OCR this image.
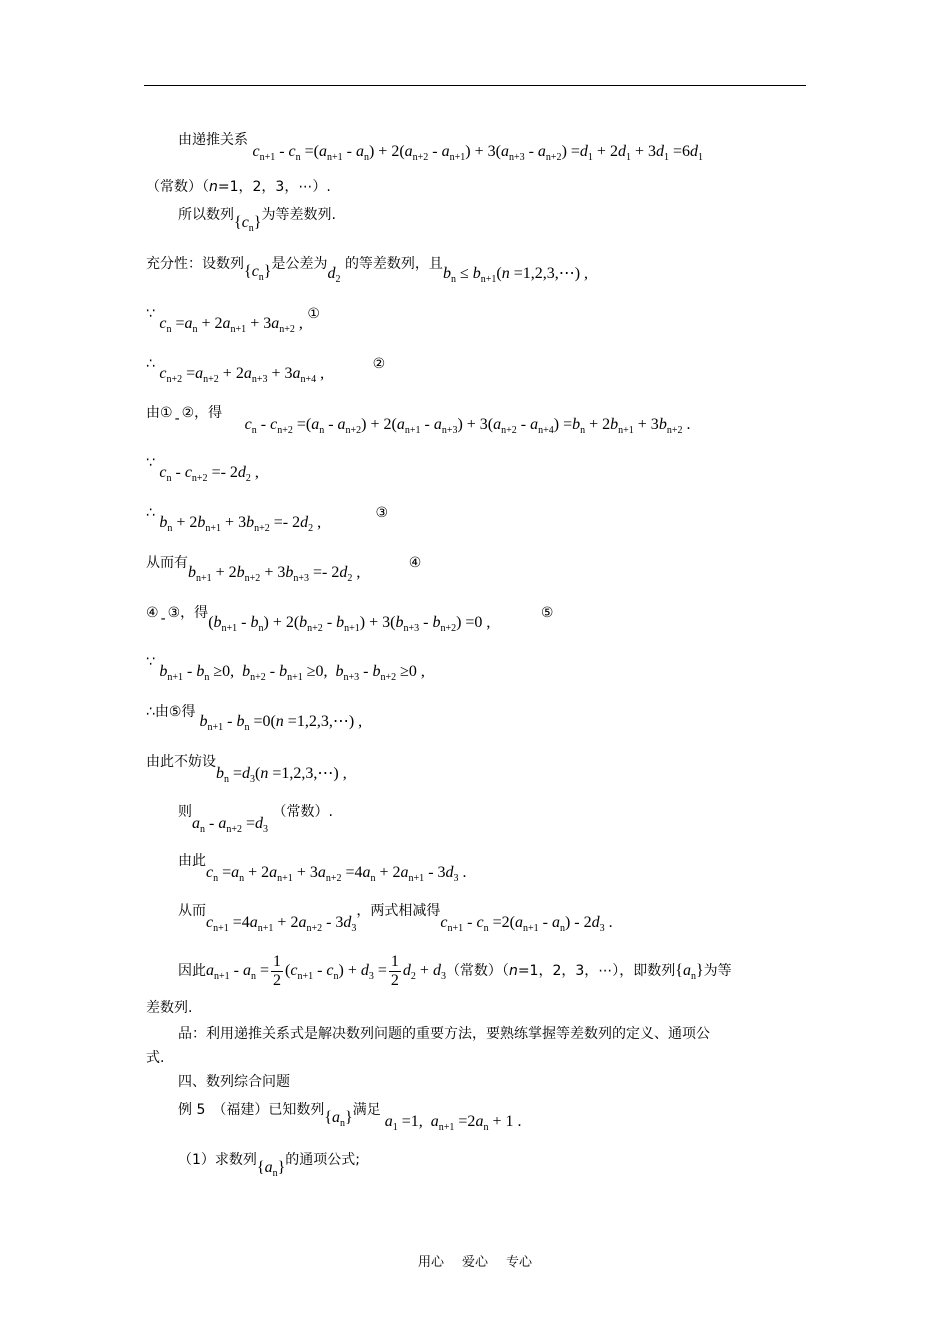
由递推关系 $c_{n+1} - c_n =(a_{n+1} - a_n) + 2(a_{n+2} - a_{n+1}) + 3(a_{n+3} - a_{n+2}) =d_1 + 2d_1 + 3d_1 =6d_1$
（常数）（n=1，2，3，⋯）.
所以数列$\{c_n\}$为等差数列.
充分性：设数列$\{c_n\}$是公差为$d_2$ 的等差数列，且$b_n \le b_{n+1}(n$ =1,2,3,⋯) ,
∵ $c_n =a_n + 2a_{n+1} + 3a_{n+2}$ , ①
∴ $c_{n+2} =a_{n+2} + 2a_{n+3} + 3a_{n+4}$ , ②
由① - ②，得 $c_n - c_{n+2} =(a_n - a_{n+2}) + 2(a_{n+1} - a_{n+3}) + 3(a_{n+2} - a_{n+4}) =b_n + 2b_{n+1} + 3b_{n+2}$ .
∵ $c_n - c_{n+2} =- 2d_2$ ,
∴ $b_n + 2b_{n+1} + 3b_{n+2} =- 2d_2$ , ③
从而有$b_{n+1} + 2b_{n+2} + 3b_{n+3} =- 2d_2$ , ④
④ - ③，得$(b_{n+1} - b_n) + 2(b_{n+2} - b_{n+1}) + 3(b_{n+3} - b_{n+2}) =0$ , ⑤
∵ $b_{n+1} - b_n \ge 0$,  $b_{n+2} - b_{n+1} \ge 0$,  $b_{n+3} - b_{n+2} \ge 0$ ,
∴由⑤得$b_{n+1} - b_n =0(n$ =1,2,3,⋯) ,
由此不妨设$b_n =d_3(n$ =1,2,3,⋯) ,
则$a_n - a_{n+2} =d_3$ （常数）.
由此$c_n =a_n + 2a_{n+1} + 3a_{n+2} =4a_n + 2a_{n+1} - 3d_3$ .
从而$c_{n+1} =4a_{n+1} + 2a_{n+2} - 3d_3$，两式相减得$c_{n+1} - c_n =2(a_{n+1} - a_n) - 2d_3$ .
因此$a_{n+1} - a_n = \frac{1}{2} (c_{n+1} - c_n) + d_3 = \frac{1}{2} d_2 + d_3$（常数）（n=1，2，3，⋯），即数列$\{a_n\}$为等
差数列.
品：利用递推关系式是解决数列问题的重要方法，要熟练掌握等差数列的定义、通项公
式.
四、数列综合问题
例 5　（福建）已知数列$\{a_n\}$满足$a_1 =1$,  $a_{n+1} =2a_n + 1$ .
（1）求数列$\{a_n\}$的通项公式;
用心 爱心 专心
